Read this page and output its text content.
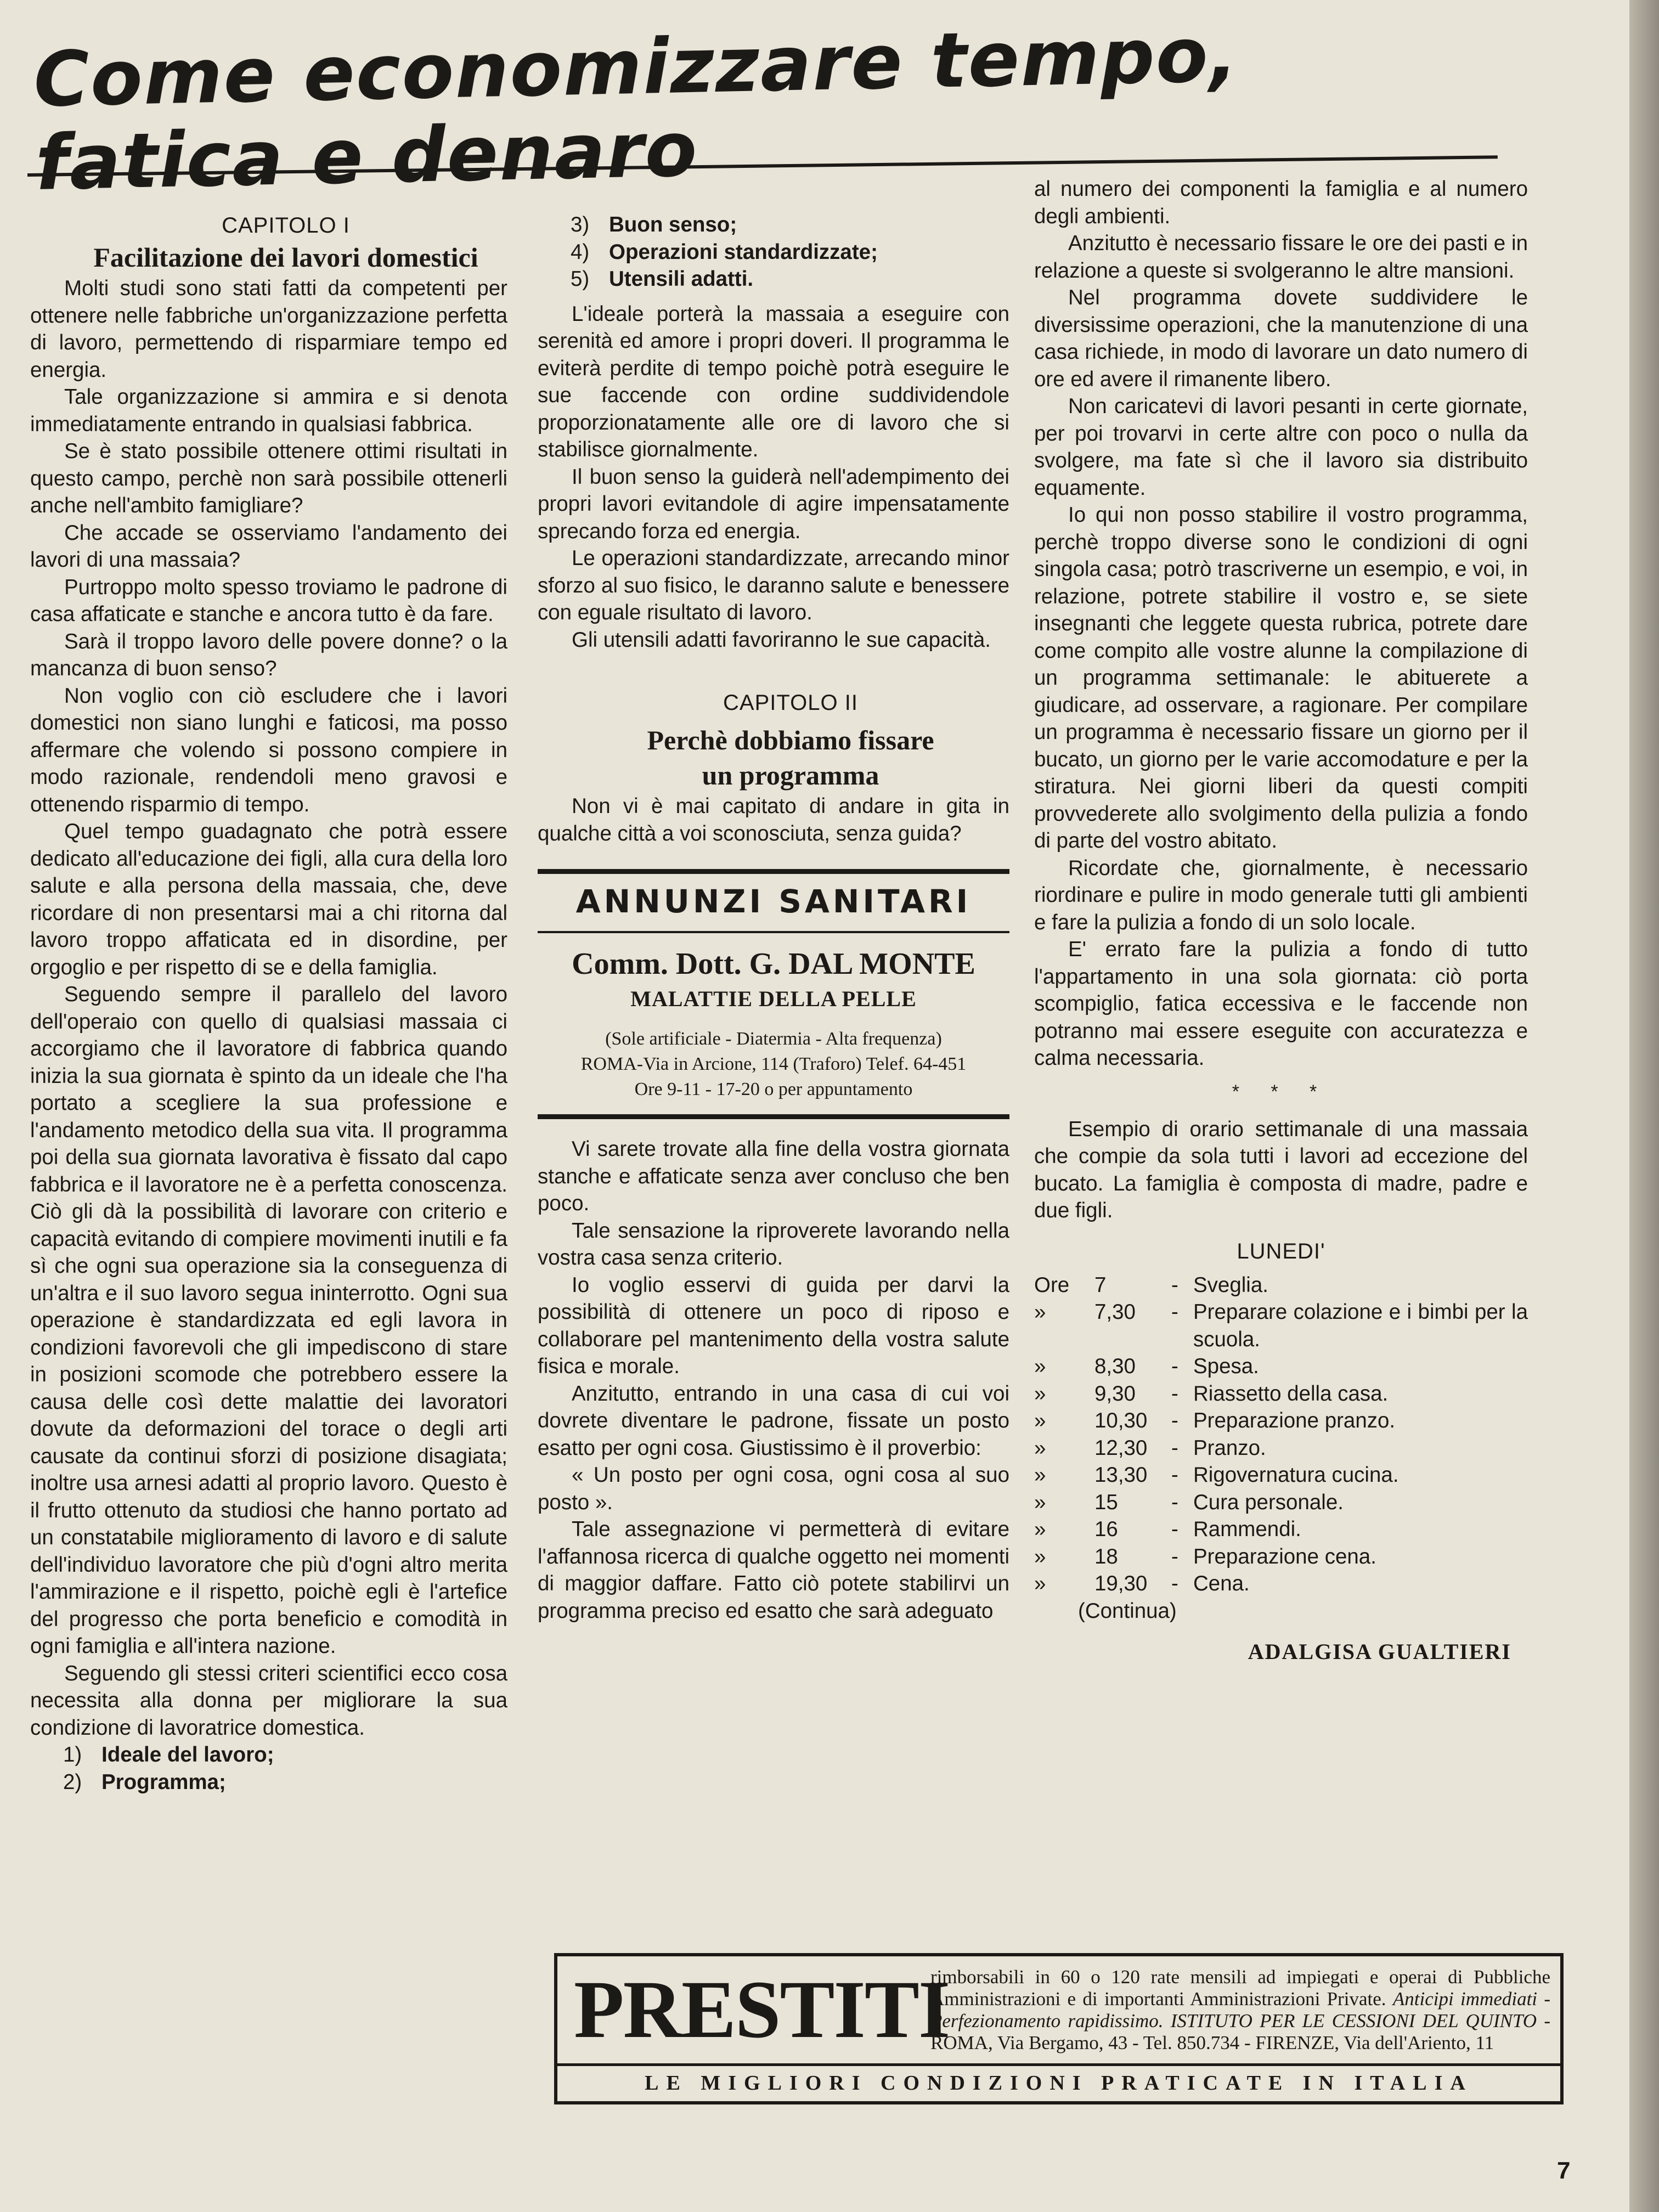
Come economizzare tempo, fatica e denaro

CAPITOLO I

Facilitazione dei lavori domestici

Molti studi sono stati fatti da competenti per ottenere nelle fabbriche un'organizzazione perfetta di lavoro, permettendo di risparmiare tempo ed energia.

Tale organizzazione si ammira e si denota immediatamente entrando in qualsiasi fabbrica.

Se è stato possibile ottenere ottimi risultati in questo campo, perchè non sarà possibile ottenerli anche nell'ambito famigliare?

Che accade se osserviamo l'andamento dei lavori di una massaia?

Purtroppo molto spesso troviamo le padrone di casa affaticate e stanche e ancora tutto è da fare.

Sarà il troppo lavoro delle povere donne? o la mancanza di buon senso?

Non voglio con ciò escludere che i lavori domestici non siano lunghi e faticosi, ma posso affermare che volendo si possono compiere in modo razionale, rendendoli meno gravosi e ottenendo risparmio di tempo.

Quel tempo guadagnato che potrà essere dedicato all'educazione dei figli, alla cura della loro salute e alla persona della massaia, che, deve ricordare di non presentarsi mai a chi ritorna dal lavoro troppo affaticata ed in disordine, per orgoglio e per rispetto di se e della famiglia.

Seguendo sempre il parallelo del lavoro dell'operaio con quello di qualsiasi massaia ci accorgiamo che il lavoratore di fabbrica quando inizia la sua giornata è spinto da un ideale che l'ha portato a scegliere la sua professione e l'andamento metodico della sua vita. Il programma poi della sua giornata lavorativa è fissato dal capo fabbrica e il lavoratore ne è a perfetta conoscenza. Ciò gli dà la possibilità di lavorare con criterio e capacità evitando di compiere movimenti inutili e fa sì che ogni sua operazione sia la conseguenza di un'altra e il suo lavoro segua ininterrotto. Ogni sua operazione è standardizzata ed egli lavora in condizioni favorevoli che gli impediscono di stare in posizioni scomode che potrebbero essere la causa delle così dette malattie dei lavoratori dovute da deformazioni del torace o degli arti causate da continui sforzi di posizione disagiata; inoltre usa arnesi adatti al proprio lavoro. Questo è il frutto ottenuto da studiosi che hanno portato ad un constatabile miglioramento di lavoro e di salute dell'individuo lavoratore che più d'ogni altro merita l'ammirazione e il rispetto, poichè egli è l'artefice del progresso che porta beneficio e comodità in ogni famiglia e all'intera nazione.

Seguendo gli stessi criteri scientifici ecco cosa necessita alla donna per migliorare la sua condizione di lavoratrice domestica.

1) Ideale del lavoro;
2) Programma;
3) Buon senso;
4) Operazioni standardizzate;
5) Utensili adatti.

L'ideale porterà la massaia a eseguire con serenità ed amore i propri doveri. Il programma le eviterà perdite di tempo poichè potrà eseguire le sue faccende con ordine suddividendole proporzionatamente alle ore di lavoro che si stabilisce giornalmente.

Il buon senso la guiderà nell'adempimento dei propri lavori evitandole di agire impensatamente sprecando forza ed energia.

Le operazioni standardizzate, arrecando minor sforzo al suo fisico, le daranno salute e benessere con eguale risultato di lavoro.

Gli utensili adatti favoriranno le sue capacità.

CAPITOLO II

Perchè dobbiamo fissare

un programma

Non vi è mai capitato di andare in gita in qualche città a voi sconosciuta, senza guida?

ANNUNZI SANITARI
Comm. Dott. G. DAL MONTE
MALATTIE DELLA PELLE
(Sole artificiale - Diatermia - Alta frequenza)
ROMA-Via in Arcione, 114 (Traforo) Telef. 64-451
Ore 9-11 - 17-20 o per appuntamento

Vi sarete trovate alla fine della vostra giornata stanche e affaticate senza aver concluso che ben poco.

Tale sensazione la riproverete lavorando nella vostra casa senza criterio.

Io voglio esservi di guida per darvi la possibilità di ottenere un poco di riposo e collaborare pel mantenimento della vostra salute fisica e morale.

Anzitutto, entrando in una casa di cui voi dovrete diventare le padrone, fissate un posto esatto per ogni cosa. Giustissimo è il proverbio:

« Un posto per ogni cosa, ogni cosa al suo posto ».

Tale assegnazione vi permetterà di evitare l'affannosa ricerca di qualche oggetto nei momenti di maggior daffare. Fatto ciò potete stabilirvi un programma preciso ed esatto che sarà adeguato

al numero dei componenti la famiglia e al numero degli ambienti.

Anzitutto è necessario fissare le ore dei pasti e in relazione a queste si svolgeranno le altre mansioni.

Nel programma dovete suddividere le diversissime operazioni, che la manutenzione di una casa richiede, in modo di lavorare un dato numero di ore ed avere il rimanente libero.

Non caricatevi di lavori pesanti in certe giornate, per poi trovarvi in certe altre con poco o nulla da svolgere, ma fate sì che il lavoro sia distribuito equamente.

Io qui non posso stabilire il vostro programma, perchè troppo diverse sono le condizioni di ogni singola casa; potrò trascriverne un esempio, e voi, in relazione, potrete stabilire il vostro e, se siete insegnanti che leggete questa rubrica, potrete dare come compito alle vostre alunne la compilazione di un programma settimanale: le abituerete a giudicare, ad osservare, a ragionare. Per compilare un programma è necessario fissare un giorno per il bucato, un giorno per le varie accomodature e per la stiratura. Nei giorni liberi da questi compiti provvederete allo svolgimento della pulizia a fondo di parte del vostro abitato.

Ricordate che, giornalmente, è necessario riordinare e pulire in modo generale tutti gli ambienti e fare la pulizia a fondo di un solo locale.

E' errato fare la pulizia a fondo di tutto l'appartamento in una sola giornata: ciò porta scompiglio, fatica eccessiva e le faccende non potranno mai essere eseguite con accuratezza e calma necessaria.

* * *

Esempio di orario settimanale di una massaia che compie da sola tutti i lavori ad eccezione del bucato. La famiglia è composta di madre, padre e due figli.

LUNEDI'
Ore	7	- Sveglia.
»	7,30	- Preparare colazione e i bimbi per la scuola.
»	8,30	- Spesa.
»	9,30	- Riassetto della casa.
»	10,30	- Preparazione pranzo.
»	12,30	- Pranzo.
»	13,30	- Rigovernatura cucina.
»	15	- Cura personale.
»	16	- Rammendi.
»	18	- Preparazione cena.
»	19,30	- Cena.
(Continua)
ADALGISA GUALTIERI
PRESTITI
rimborsabili in 60 o 120 rate mensili ad impiegati e operai di Pubbliche Amministrazioni e di importanti Amministrazioni Private. Anticipi immediati - Perfezionamento rapidissimo. ISTITUTO PER LE CESSIONI DEL QUINTO - ROMA, Via Bergamo, 43 - Tel. 850.734 - FIRENZE, Via dell'Ariento, 11
LE MIGLIORI CONDIZIONI PRATICATE IN ITALIA
7
